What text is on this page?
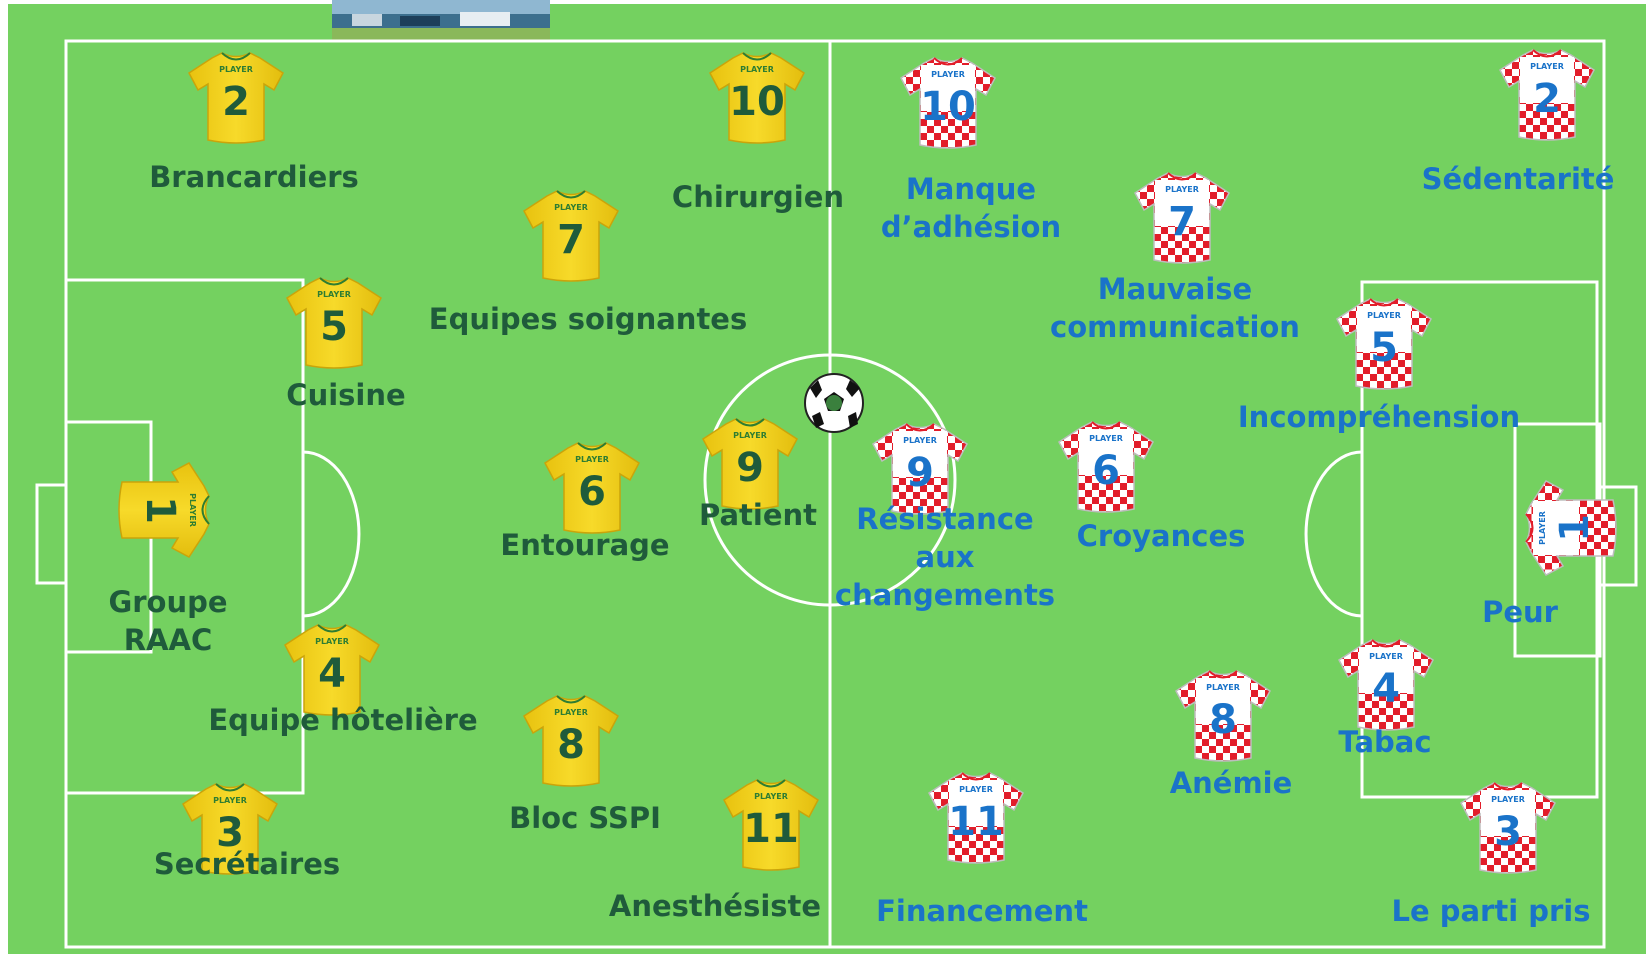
PLAYER
2
PLAYER
10
PLAYER
7
PLAYER
5
PLAYER
1
PLAYER
6
PLAYER
9
PLAYER
4
PLAYER
8
PLAYER
3
PLAYER
11
PLAYER
10
PLAYER
7
PLAYER
2
PLAYER
5
PLAYER
9
PLAYER
6
PLAYER 1
PLAYER
8
PLAYER
4
PLAYER
11	PLAYER
3
Brancardiers
Chirurgien
Equipes soignantes
Cuisine
Groupe
RAAC
Entourage
Patient
Equipe hôtelière
Bloc SSPI
Secrétaires
Anesthésiste
Manque
d’adhésion
Mauvaise
communication
Sédentarité
Incompréhension
Résistance
aux
changements
Croyances
Peur
Anémie
Tabac
Financement	Le parti pris
